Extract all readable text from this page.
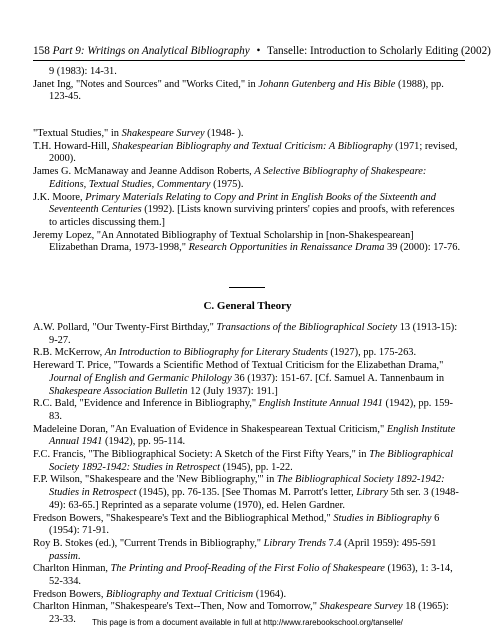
158 Part 9: Writings on Analytical Bibliography • Tanselle: Introduction to Scholarly Editing (2002)

9 (1983): 14-31.

Janet Ing, "Notes and Sources" and "Works Cited," in Johann Gutenberg and His Bible (1988), pp. 123-45.

"Textual Studies," in Shakespeare Survey (1948- ).

T.H. Howard-Hill, Shakespearian Bibliography and Textual Criticism: A Bibliography (1971; revised, 2000).

James G. McManaway and Jeanne Addison Roberts, A Selective Bibliography of Shakespeare: Editions, Textual Studies, Commentary (1975).

J.K. Moore, Primary Materials Relating to Copy and Print in English Books of the Sixteenth and Seventeenth Centuries (1992). [Lists known surviving printers' copies and proofs, with references to articles discussing them.]

Jeremy Lopez, "An Annotated Bibliography of Textual Scholarship in [non-Shakespearean] Elizabethan Drama, 1973-1998," Research Opportunities in Renaissance Drama 39 (2000): 17-76.

C. General Theory

A.W. Pollard, "Our Twenty-First Birthday," Transactions of the Bibliographical Society 13 (1913-15): 9-27.

R.B. McKerrow, An Introduction to Bibliography for Literary Students (1927), pp. 175-263.

Hereward T. Price, "Towards a Scientific Method of Textual Criticism for the Elizabethan Drama," Journal of English and Germanic Philology 36 (1937): 151-67. [Cf. Samuel A. Tannenbaum in Shakespeare Association Bulletin 12 (July 1937): 191.]

R.C. Bald, "Evidence and Inference in Bibliography," English Institute Annual 1941 (1942), pp. 159-83.

Madeleine Doran, "An Evaluation of Evidence in Shakespearean Textual Criticism," English Institute Annual 1941 (1942), pp. 95-114.

F.C. Francis, "The Bibliographical Society: A Sketch of the First Fifty Years," in The Bibliographical Society 1892-1942: Studies in Retrospect (1945), pp. 1-22.

F.P. Wilson, "Shakespeare and the 'New Bibliography,'" in The Bibliographical Society 1892-1942: Studies in Retrospect (1945), pp. 76-135. [See Thomas M. Parrott's letter, Library 5th ser. 3 (1948-49): 63-65.] Reprinted as a separate volume (1970), ed. Helen Gardner.

Fredson Bowers, "Shakespeare's Text and the Bibliographical Method," Studies in Bibliography 6 (1954): 71-91.

Roy B. Stokes (ed.), "Current Trends in Bibliography," Library Trends 7.4 (April 1959): 495-591 passim.

Charlton Hinman, The Printing and Proof-Reading of the First Folio of Shakespeare (1963), 1: 3-14, 52-334.

Fredson Bowers, Bibliography and Textual Criticism (1964).

Charlton Hinman, "Shakespeare's Text--Then, Now and Tomorrow," Shakespeare Survey 18 (1965): 23-33.	This page is from a document available in full at http://www.rarebookschool.org/tanselle/
